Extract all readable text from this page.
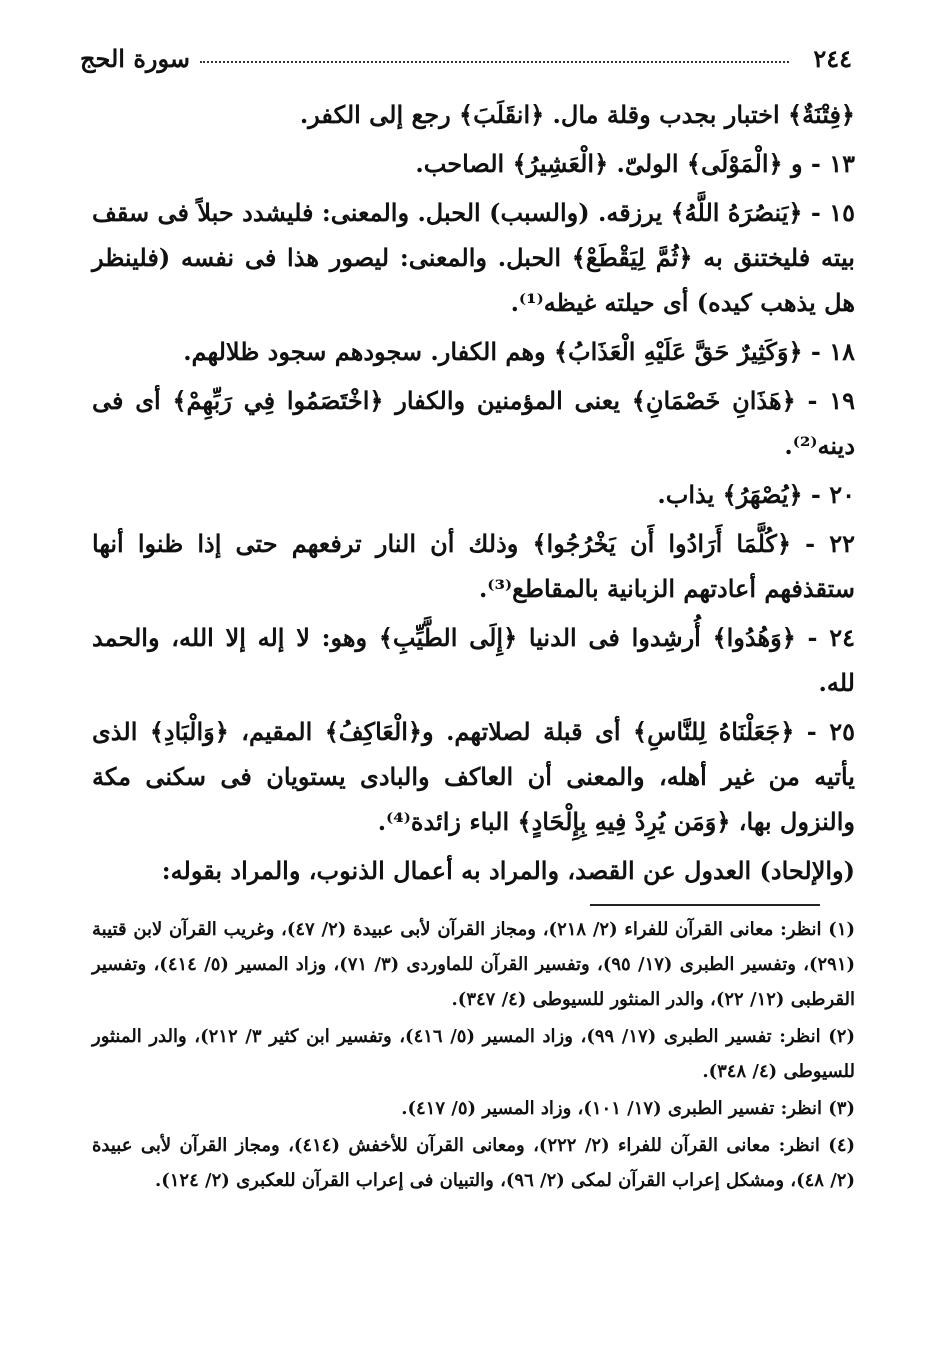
٢٤٤
سورة الحج

﴿فِتْنَةٌ﴾ اختبار بجدب وقلة مال. ﴿انقَلَبَ﴾ رجع إلى الكفر.

١٣ - و ﴿الْمَوْلَى﴾ الولىّ. ﴿الْعَشِيرُ﴾ الصاحب.

١٥ - ﴿يَنصُرَهُ اللَّهُ﴾ يرزقه. (والسبب) الحبل. والمعنى: فليشدد حبلاً فى سقف بيته فليختنق به ﴿ثُمَّ لِيَقْطَعْ﴾ الحبل. والمعنى: ليصور هذا فى نفسه (فلينظر هل يذهب كيده) أى حيلته غيظه⁽¹⁾.

١٨ - ﴿وَكَثِيرٌ حَقَّ عَلَيْهِ الْعَذَابُ﴾ وهم الكفار. سجودهم سجود ظلالهم.

١٩ - ﴿هَذَانِ خَصْمَانِ﴾ يعنى المؤمنين والكفار ﴿اخْتَصَمُوا فِي رَبِّهِمْ﴾ أى فى دينه⁽²⁾.

٢٠ - ﴿يُصْهَرُ﴾ يذاب.

٢٢ - ﴿كُلَّمَا أَرَادُوا أَن يَخْرُجُوا﴾ وذلك أن النار ترفعهم حتى إذا ظنوا أنها ستقذفهم أعادتهم الزبانية بالمقاطع⁽³⁾.

٢٤ - ﴿وَهُدُوا﴾ أُرشِدوا فى الدنيا ﴿إِلَى الطَّيِّبِ﴾ وهو: لا إله إلا الله، والحمد لله.

٢٥ - ﴿جَعَلْنَاهُ لِلنَّاسِ﴾ أى قبلة لصلاتهم. و﴿الْعَاكِفُ﴾ المقيم، ﴿وَالْبَادِ﴾ الذى يأتيه من غير أهله، والمعنى أن العاكف والبادى يستويان فى سكنى مكة والنزول بها، ﴿وَمَن يُرِدْ فِيهِ بِإِلْحَادٍ﴾ الباء زائدة⁽⁴⁾.

(والإلحاد) العدول عن القصد، والمراد به أعمال الذنوب، والمراد بقوله:

(١) انظر: معانى القرآن للفراء (٢/ ٢١٨)، ومجاز القرآن لأبى عبيدة (٢/ ٤٧)، وغريب القرآن لابن قتيبة (٢٩١)، وتفسير الطبرى (١٧/ ٩٥)، وتفسير القرآن للماوردى (٣/ ٧١)، وزاد المسير (٥/ ٤١٤)، وتفسير القرطبى (١٢/ ٢٢)، والدر المنثور للسيوطى (٤/ ٣٤٧).

(٢) انظر: تفسير الطبرى (١٧/ ٩٩)، وزاد المسير (٥/ ٤١٦)، وتفسير ابن كثير ٣/ ٢١٢)، والدر المنثور للسيوطى (٤/ ٣٤٨).

(٣) انظر: تفسير الطبرى (١٧/ ١٠١)، وزاد المسير (٥/ ٤١٧).

(٤) انظر: معانى القرآن للفراء (٢/ ٢٢٢)، ومعانى القرآن للأخفش (٤١٤)، ومجاز القرآن لأبى عبيدة (٢/ ٤٨)، ومشكل إعراب القرآن لمكى (٢/ ٩٦)، والتبيان فى إعراب القرآن للعكبرى (٢/ ١٢٤).
